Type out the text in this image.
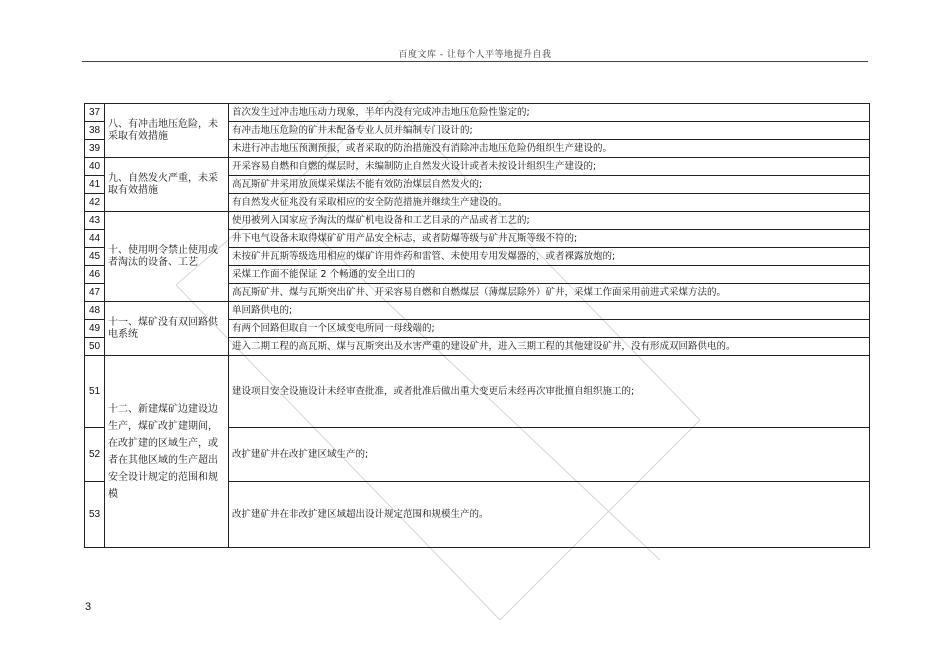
百度文库 - 让每个人平等地提升自我
37	八、有冲击地压危险，未采取有效措施	首次发生过冲击地压动力现象，半年内没有完成冲击地压危险性鉴定的;
38		有冲击地压危险的矿井未配备专业人员并编制专门设计的;
39		未进行冲击地压预测预报，或者采取的防治措施没有消除冲击地压危险仍组织生产建设的。
40	九、自然发火严重，未采取有效措施	开采容易自燃和自燃的煤层时，未编制防止自然发火设计或者未按设计组织生产建设的;
41		高瓦斯矿井采用放顶煤采煤法不能有效防治煤层自然发火的;
42		有自然发火征兆没有采取相应的安全防范措施并继续生产建设的。
43	十、使用明令禁止使用或者淘汰的设备、工艺	使用被列入国家应予淘汰的煤矿机电设备和工艺目录的产品或者工艺的;
44		井下电气设备未取得煤矿矿用产品安全标志，或者防爆等级与矿井瓦斯等级不符的;
45		未按矿井瓦斯等级选用相应的煤矿许用炸药和雷管、未使用专用发爆器的，或者裸露放炮的;
46		采煤工作面不能保证 2 个畅通的安全出口的
47		高瓦斯矿井、煤与瓦斯突出矿井、开采容易自燃和自燃煤层（薄煤层除外）矿井，采煤工作面采用前进式采煤方法的。
48	十一、煤矿没有双回路供电系统	单回路供电的;
49		有两个回路但取自一个区域变电所同一母线端的;
50		进入二期工程的高瓦斯、煤与瓦斯突出及水害严重的建设矿井，进入三期工程的其他建设矿井，没有形成双回路供电的。
51	十二、新建煤矿边建设边生产，煤矿改扩建期间，在改扩建的区域生产，或者在其他区域的生产超出安全设计规定的范围和规模	建设项目安全设施设计未经审查批准，或者批准后做出重大变更后未经再次审批擅自组织施工的;
52		改扩建矿井在改扩建区域生产的;
53		改扩建矿井在非改扩建区域超出设计规定范围和规模生产的。
3
